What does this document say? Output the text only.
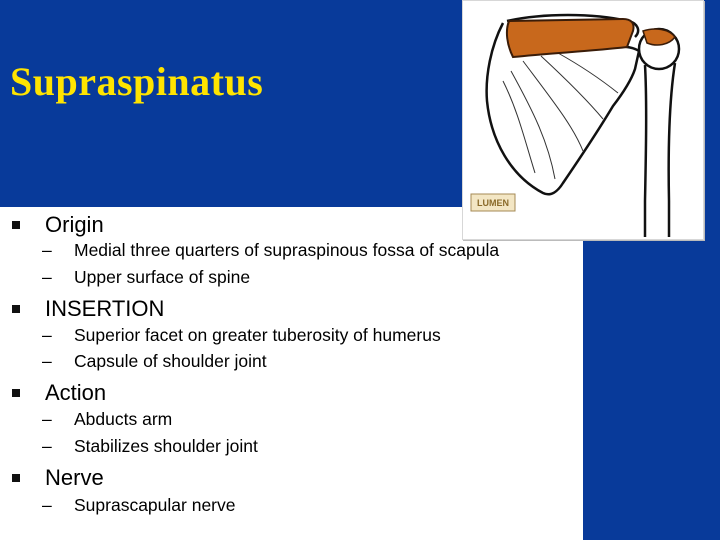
Supraspinatus
Origin
–	Medial three quarters of supraspinous fossa of scapula
–	Upper surface of spine
INSERTION
–	Superior facet on greater tuberosity of humerus
–	Capsule of shoulder joint
Action
–	Abducts arm
–	Stabilizes shoulder joint
Nerve
–	Suprascapular nerve
LUMEN
